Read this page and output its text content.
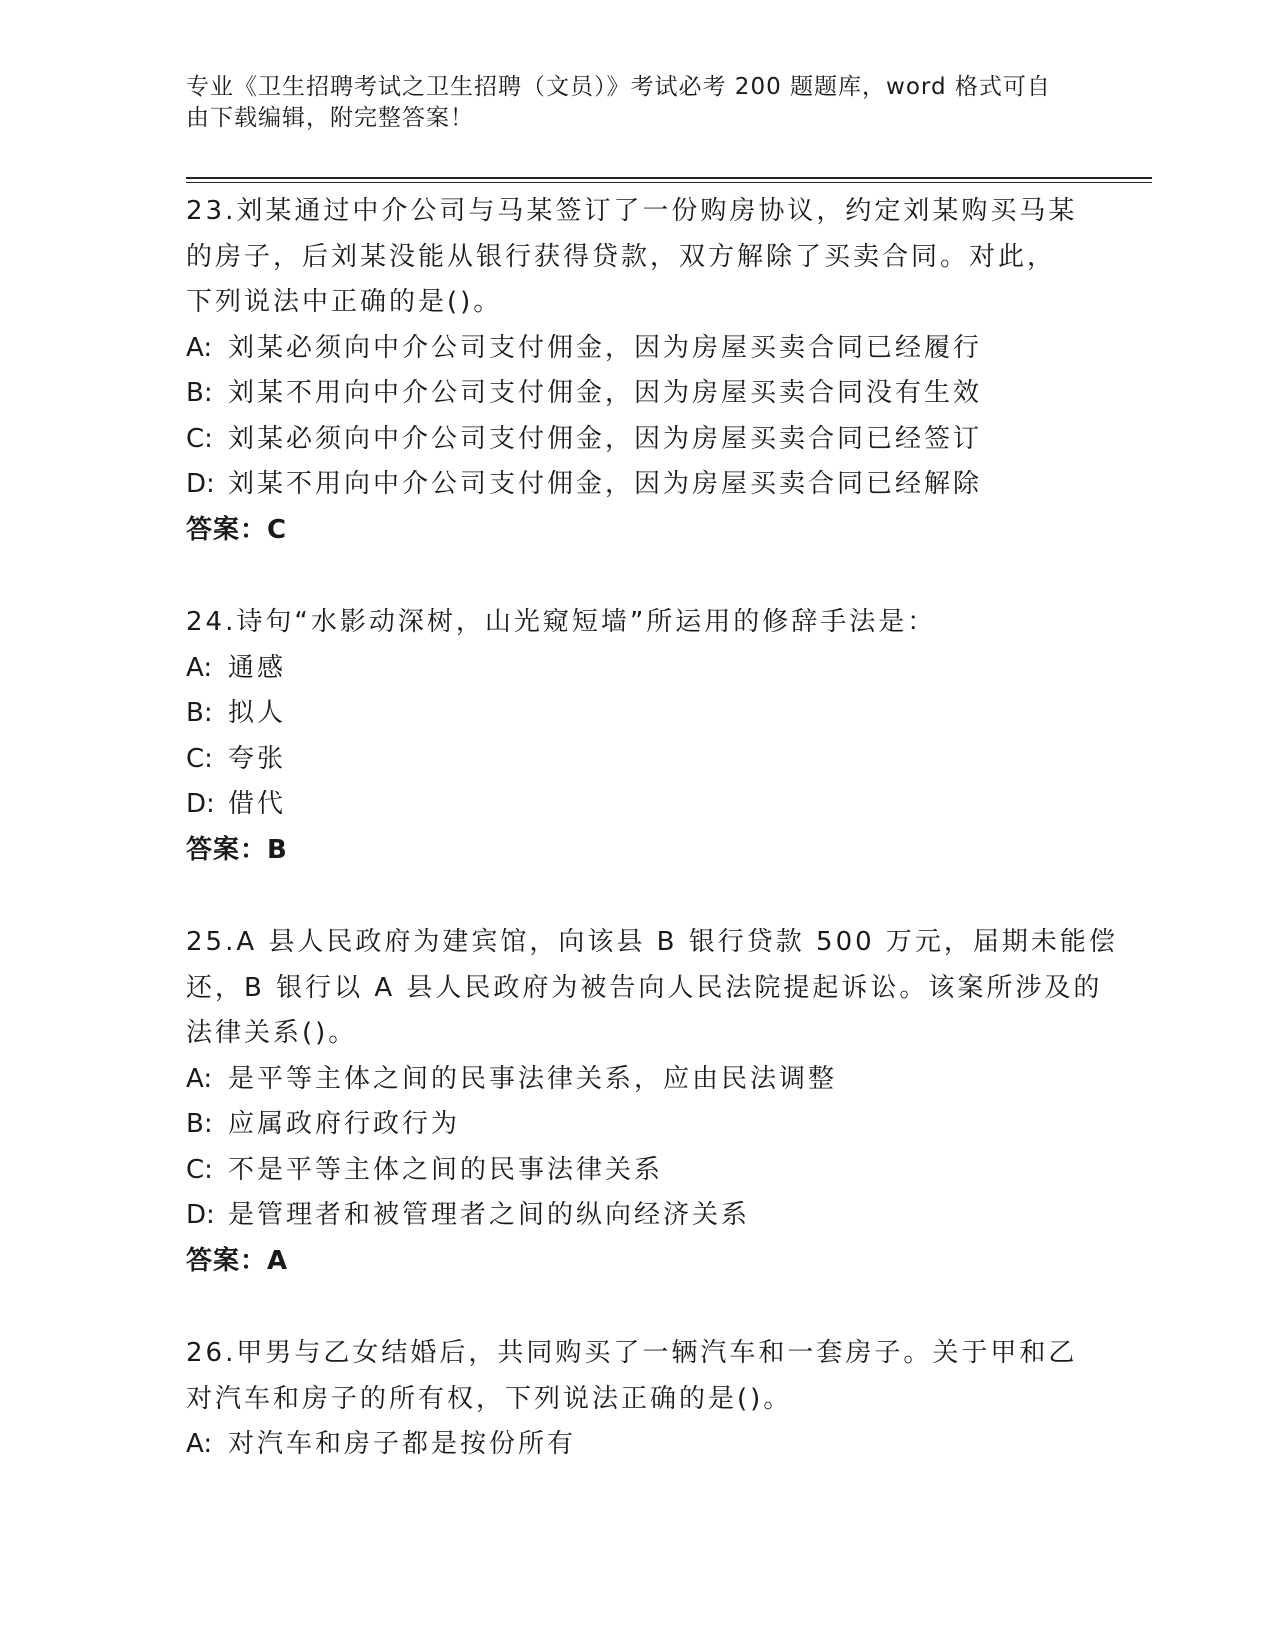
专业《卫生招聘考试之卫生招聘（文员）》考试必考 200 题题库，word 格式可自
由下载编辑，附完整答案！
23.刘某通过中介公司与马某签订了一份购房协议，约定刘某购买马某
的房子，后刘某没能从银行获得贷款，双方解除了买卖合同。对此，
下列说法中正确的是()。
A: 刘某必须向中介公司支付佣金，因为房屋买卖合同已经履行
B: 刘某不用向中介公司支付佣金，因为房屋买卖合同没有生效
C: 刘某必须向中介公司支付佣金，因为房屋买卖合同已经签订
D: 刘某不用向中介公司支付佣金，因为房屋买卖合同已经解除
答案：C
24.诗句“水影动深树，山光窥短墙”所运用的修辞手法是：
A: 通感
B: 拟人
C: 夸张
D: 借代
答案：B
25.A 县人民政府为建宾馆，向该县 B 银行贷款 500 万元，届期未能偿
还，B 银行以 A 县人民政府为被告向人民法院提起诉讼。该案所涉及的
法律关系()。
A: 是平等主体之间的民事法律关系，应由民法调整
B: 应属政府行政行为
C: 不是平等主体之间的民事法律关系
D: 是管理者和被管理者之间的纵向经济关系
答案：A
26.甲男与乙女结婚后，共同购买了一辆汽车和一套房子。关于甲和乙
对汽车和房子的所有权，下列说法正确的是()。
A: 对汽车和房子都是按份所有
